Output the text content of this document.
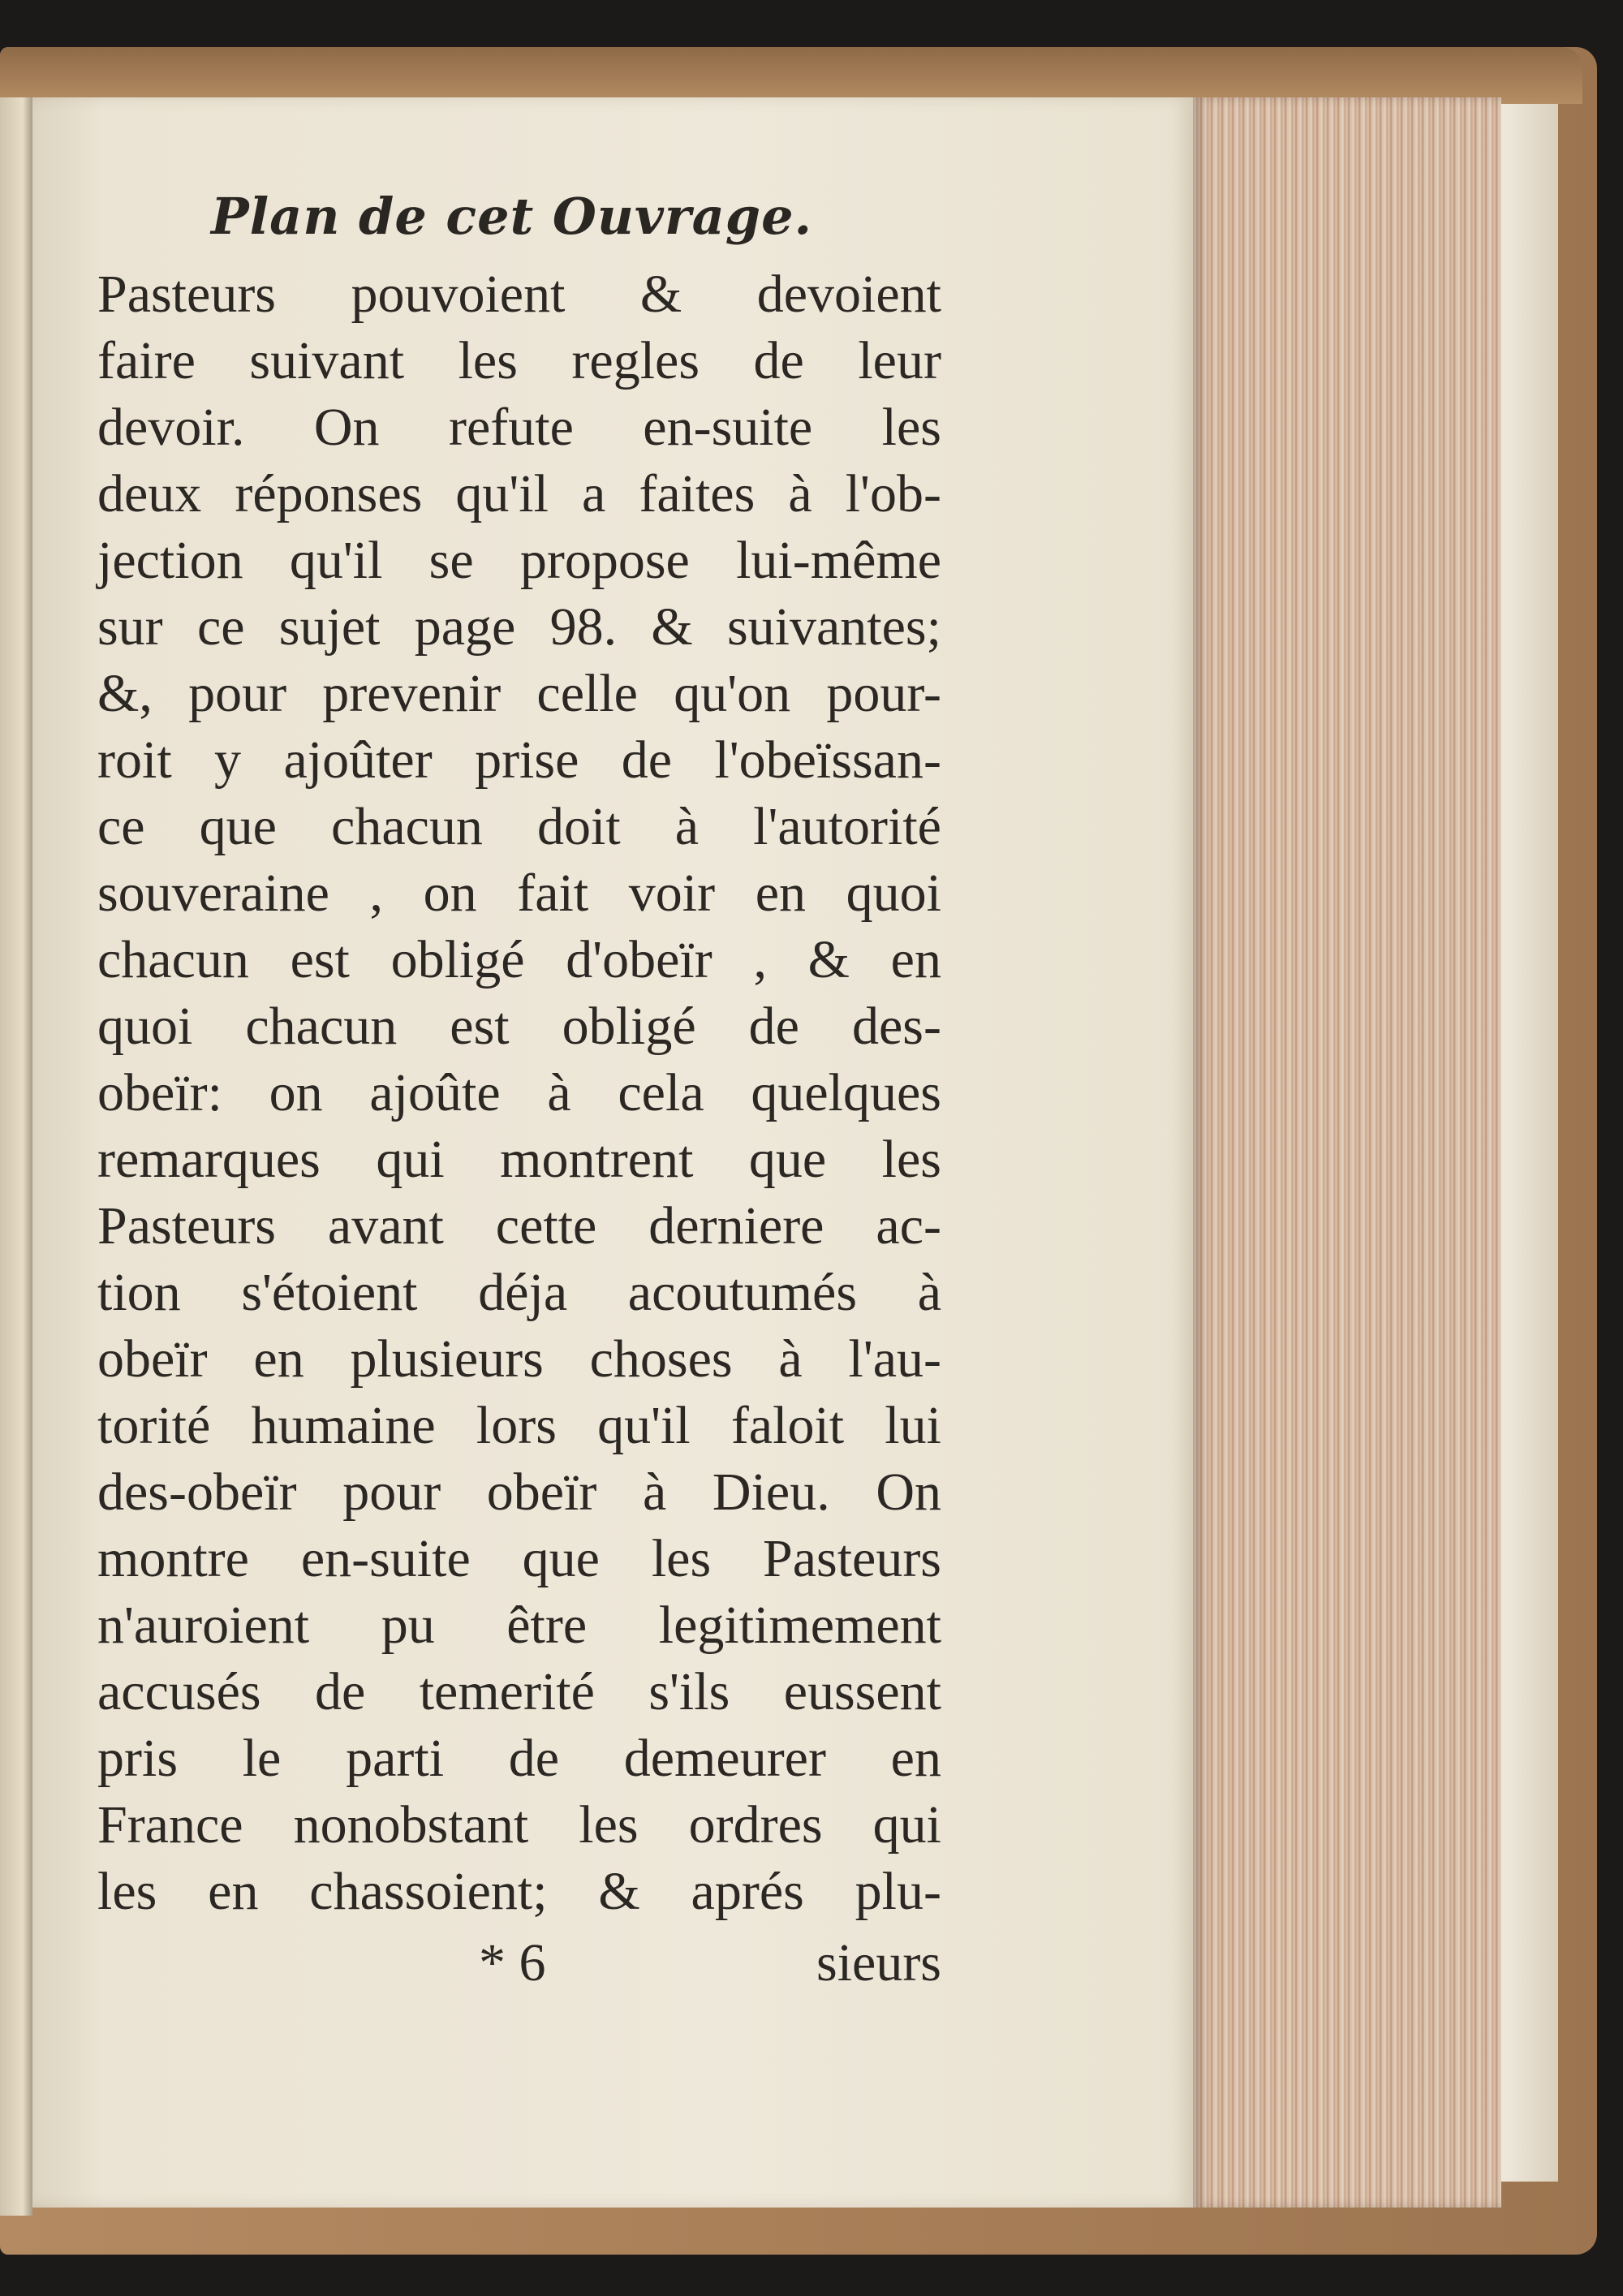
Plan de cet Ouvrage.
Pasteurs pouvoient & devoient
faire suivant les regles de leur
devoir. On refute en-suite les
deux réponses qu'il a faites à l'ob-
jection qu'il se propose lui-même
sur ce sujet page 98. & suivantes;
&, pour prevenir celle qu'on pour-
roit y ajoûter prise de l'obeïssan-
ce que chacun doit à l'autorité
souveraine , on fait voir en quoi
chacun est obligé d'obeïr , & en
quoi chacun est obligé de des-
obeïr: on ajoûte à cela quelques
remarques qui montrent que les
Pasteurs avant cette derniere ac-
tion s'étoient déja acoutumés à
obeïr en plusieurs choses à l'au-
torité humaine lors qu'il faloit lui
des-obeïr pour obeïr à Dieu. On
montre en-suite que les Pasteurs
n'auroient pu être legitimement
accusés de temerité s'ils eussent
pris le parti de demeurer en
France nonobstant les ordres qui
les en chassoient; & aprés plu-
* 6	sieurs
